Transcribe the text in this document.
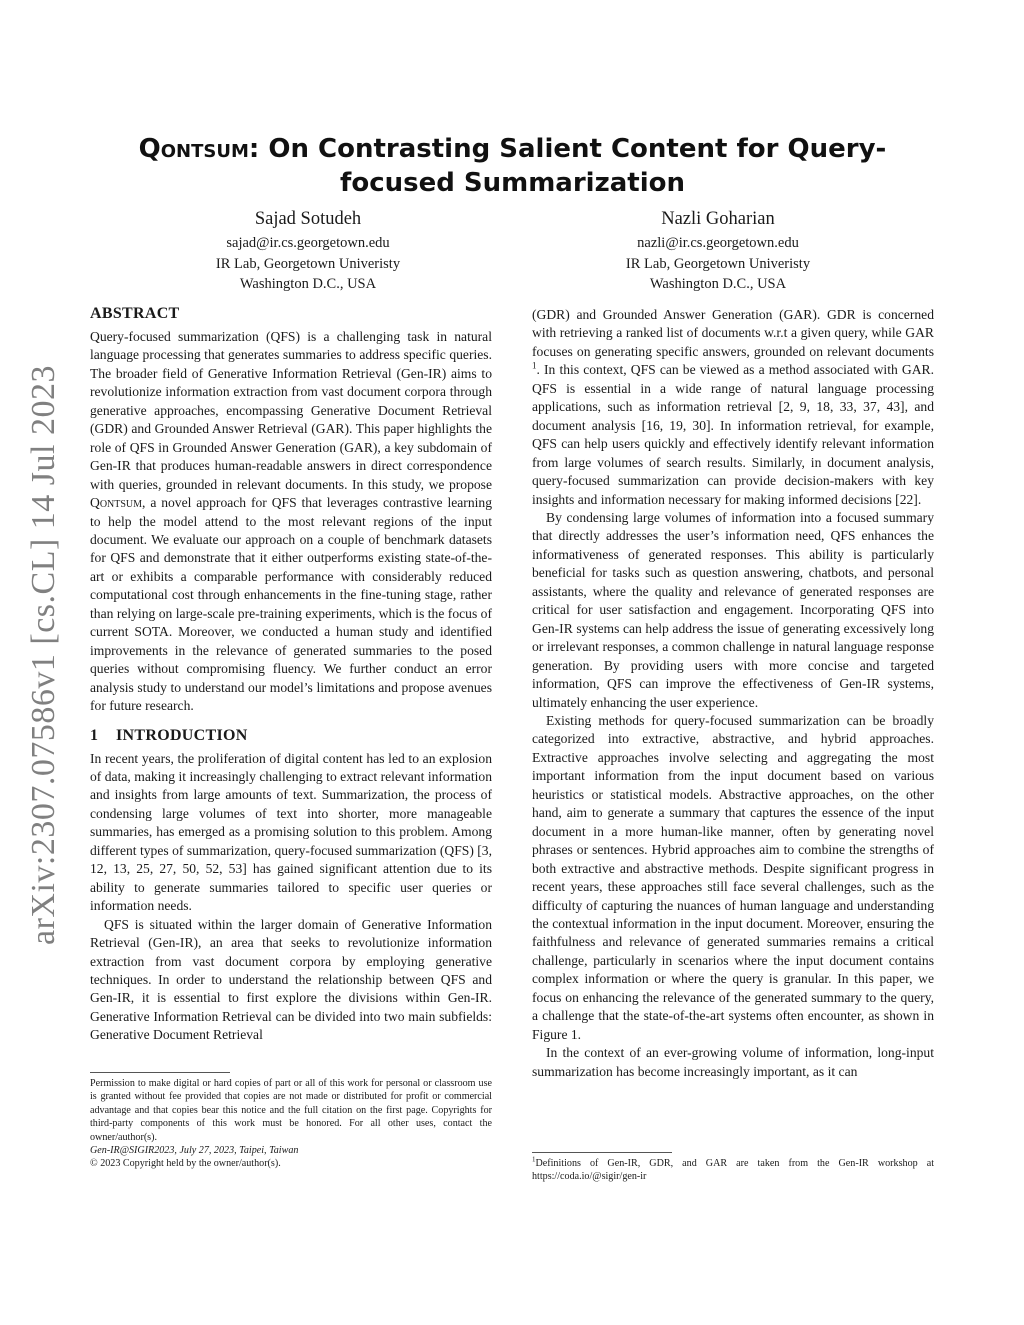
arXiv:2307.07586v1 [cs.CL] 14 Jul 2023
Qontsum: On Contrasting Salient Content for Query-focused Summarization
Sajad Sotudeh
sajad@ir.cs.georgetown.edu
IR Lab, Georgetown Univeristy
Washington D.C., USA
Nazli Goharian
nazli@ir.cs.georgetown.edu
IR Lab, Georgetown Univeristy
Washington D.C., USA
ABSTRACT

Query-focused summarization (QFS) is a challenging task in natural language processing that generates summaries to address specific queries. The broader field of Generative Information Retrieval (Gen-IR) aims to revolutionize information extraction from vast document corpora through generative approaches, encompassing Generative Document Retrieval (GDR) and Grounded Answer Retrieval (GAR). This paper highlights the role of QFS in Grounded Answer Generation (GAR), a key subdomain of Gen-IR that produces human-readable answers in direct correspondence with queries, grounded in relevant documents. In this study, we propose Qontsum, a novel approach for QFS that leverages contrastive learning to help the model attend to the most relevant regions of the input document. We evaluate our approach on a couple of benchmark datasets for QFS and demonstrate that it either outperforms existing state-of-the-art or exhibits a comparable performance with considerably reduced computational cost through enhancements in the fine-tuning stage, rather than relying on large-scale pre-training experiments, which is the focus of current SOTA. Moreover, we conducted a human study and identified improvements in the relevance of generated summaries to the posed queries without compromising fluency. We further conduct an error analysis study to understand our model’s limitations and propose avenues for future research.

1 INTRODUCTION

In recent years, the proliferation of digital content has led to an explosion of data, making it increasingly challenging to extract relevant information and insights from large amounts of text. Summarization, the process of condensing large volumes of text into shorter, more manageable summaries, has emerged as a promising solution to this problem. Among different types of summarization, query-focused summarization (QFS) [3, 12, 13, 25, 27, 50, 52, 53] has gained significant attention due to its ability to generate summaries tailored to specific user queries or information needs.

QFS is situated within the larger domain of Generative Information Retrieval (Gen-IR), an area that seeks to revolutionize information extraction from vast document corpora by employing generative techniques. In order to understand the relationship between QFS and Gen-IR, it is essential to first explore the divisions within Gen-IR. Generative Information Retrieval can be divided into two main subfields: Generative Document Retrieval

Permission to make digital or hard copies of part or all of this work for personal or classroom use is granted without fee provided that copies are not made or distributed for profit or commercial advantage and that copies bear this notice and the full citation on the first page. Copyrights for third-party components of this work must be honored. For all other uses, contact the owner/author(s).

Gen-IR@SIGIR2023, July 27, 2023, Taipei, Taiwan

© 2023 Copyright held by the owner/author(s).

(GDR) and Grounded Answer Generation (GAR). GDR is concerned with retrieving a ranked list of documents w.r.t a given query, while GAR focuses on generating specific answers, grounded on relevant documents $^1$. In this context, QFS can be viewed as a method associated with GAR. QFS is essential in a wide range of natural language processing applications, such as information retrieval [2, 9, 18, 33, 37, 43], and document analysis [16, 19, 30]. In information retrieval, for example, QFS can help users quickly and effectively identify relevant information from large volumes of search results. Similarly, in document analysis, query-focused summarization can provide decision-makers with key insights and information necessary for making informed decisions [22].

By condensing large volumes of information into a focused summary that directly addresses the user’s information need, QFS enhances the informativeness of generated responses. This ability is particularly beneficial for tasks such as question answering, chatbots, and personal assistants, where the quality and relevance of generated responses are critical for user satisfaction and engagement. Incorporating QFS into Gen-IR systems can help address the issue of generating excessively long or irrelevant responses, a common challenge in natural language response generation. By providing users with more concise and targeted information, QFS can improve the effectiveness of Gen-IR systems, ultimately enhancing the user experience.

Existing methods for query-focused summarization can be broadly categorized into extractive, abstractive, and hybrid approaches. Extractive approaches involve selecting and aggregating the most important information from the input document based on various heuristics or statistical models. Abstractive approaches, on the other hand, aim to generate a summary that captures the essence of the input document in a more human-like manner, often by generating novel phrases or sentences. Hybrid approaches aim to combine the strengths of both extractive and abstractive methods. Despite significant progress in recent years, these approaches still face several challenges, such as the difficulty of capturing the nuances of human language and understanding the contextual information in the input document. Moreover, ensuring the faithfulness and relevance of generated summaries remains a critical challenge, particularly in scenarios where the input document contains complex information or where the query is granular. In this paper, we focus on enhancing the relevance of the generated summary to the query, a challenge that the state-of-the-art systems often encounter, as shown in Figure 1.

In the context of an ever-growing volume of information, long-input summarization has become increasingly important, as it can

$^1$Definitions of Gen-IR, GDR, and GAR are taken from the Gen-IR workshop at https://coda.io/@sigir/gen-ir
